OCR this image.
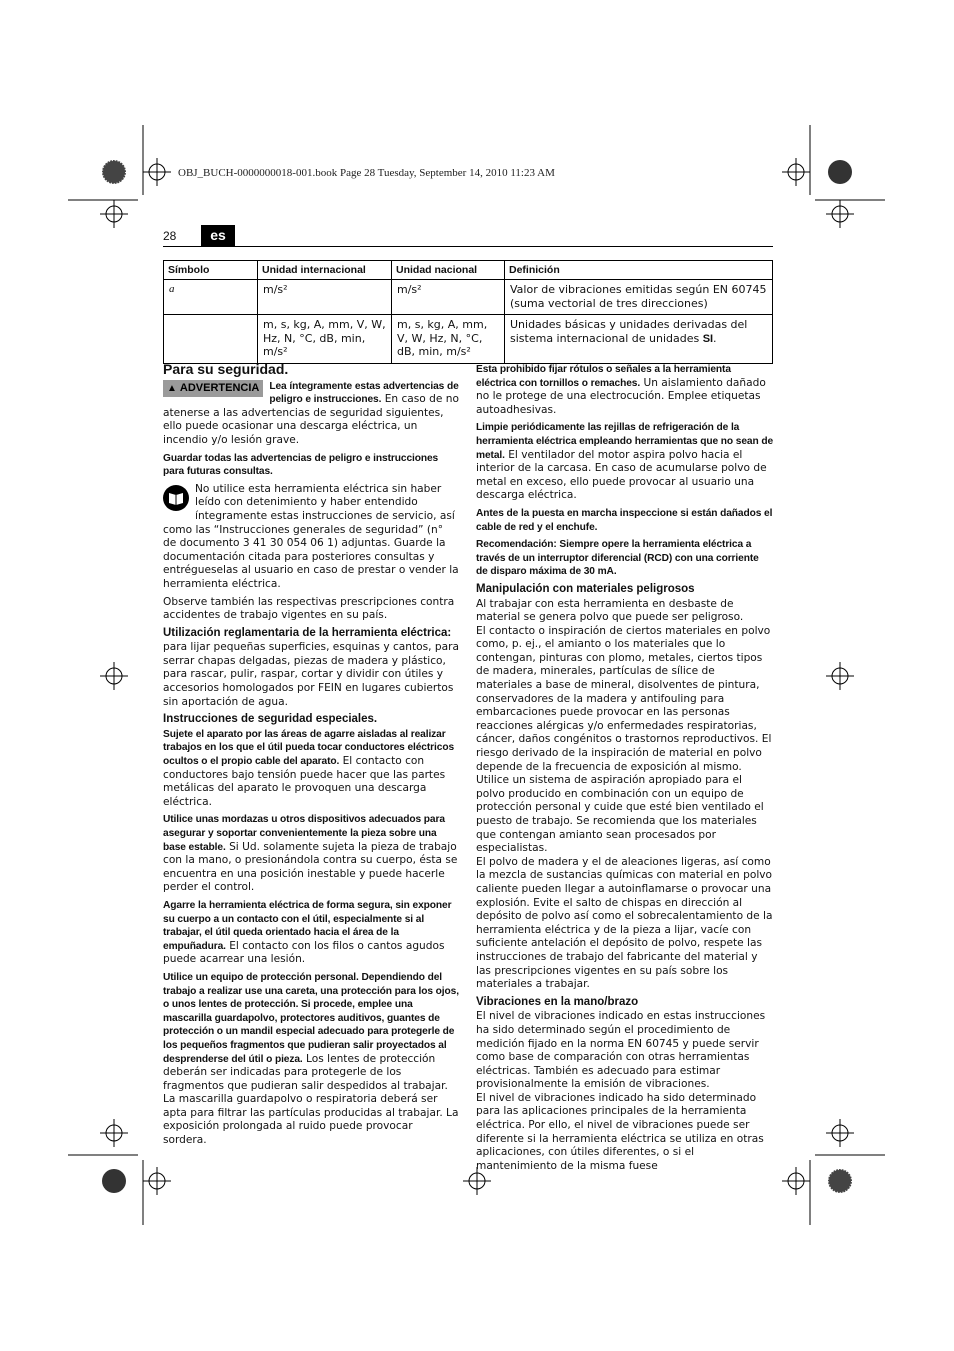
OBJ_BUCH-0000000018-001.book Page 28 Tuesday, September 14, 2010 11:23 AM
28	es
Símbolo	Unidad internacional	Unidad nacional	Definición
a	m/s²	m/s²	Valor de vibraciones emitidas según EN 60745 (suma vectorial de tres direcciones)
	m, s, kg, A, mm, V, W, Hz, N, °C, dB, min, m/s²	m, s, kg, A, mm, V, W, Hz, N, °C, dB, min, m/s²	Unidades básicas y unidades derivadas del sistema internacional de unidades SI.
Para su seguridad.

▲ ADVERTENCIA Lea íntegramente estas advertencias de peligro e instrucciones. En caso de no atenerse a las advertencias de seguridad siguientes, ello puede ocasionar una descarga eléctrica, un incendio y/o lesión grave.

Guardar todas las advertencias de peligro e instrucciones para futuras consultas.

No utilice esta herramienta eléctrica sin haber leído con detenimiento y haber entendido íntegramente estas instrucciones de servicio, así como las “Instrucciones generales de seguridad” (n° de documento 3 41 30 054 06 1) adjuntas. Guarde la documentación citada para posteriores consultas y entrégueselas al usuario en caso de prestar o vender la herramienta eléctrica.

Observe también las respectivas prescripciones contra accidentes de trabajo vigentes en su país.

Utilización reglamentaria de la herramienta eléctrica:

para lijar pequeñas superficies, esquinas y cantos, para serrar chapas delgadas, piezas de madera y plástico, para rascar, pulir, raspar, cortar y dividir con útiles y accesorios homologados por FEIN en lugares cubiertos sin aportación de agua.

Instrucciones de seguridad especiales.

Sujete el aparato por las áreas de agarre aisladas al realizar trabajos en los que el útil pueda tocar conductores eléctricos ocultos o el propio cable del aparato. El contacto con conductores bajo tensión puede hacer que las partes metálicas del aparato le provoquen una descarga eléctrica.

Utilice unas mordazas u otros dispositivos adecuados para asegurar y soportar convenientemente la pieza sobre una base estable. Si Ud. solamente sujeta la pieza de trabajo con la mano, o presionándola contra su cuerpo, ésta se encuentra en una posición inestable y puede hacerle perder el control.

Agarre la herramienta eléctrica de forma segura, sin exponer su cuerpo a un contacto con el útil, especialmente si al trabajar, el útil queda orientado hacia el área de la empuñadura. El contacto con los filos o cantos agudos puede acarrear una lesión.

Utilice un equipo de protección personal. Dependiendo del trabajo a realizar use una careta, una protección para los ojos, o unos lentes de protección. Si procede, emplee una mascarilla guardapolvo, protectores auditivos, guantes de protección o un mandil especial adecuado para protegerle de los pequeños fragmentos que pudieran salir proyectados al desprenderse del útil o pieza. Los lentes de protección deberán ser indicadas para protegerle de los fragmentos que pudieran salir despedidos al trabajar. La mascarilla guardapolvo o respiratoria deberá ser apta para filtrar las partículas producidas al trabajar. La exposición prolongada al ruido puede provocar sordera.

Esta prohibido fijar rótulos o señales a la herramienta eléctrica con tornillos o remaches. Un aislamiento dañado no le protege de una electrocución. Emplee etiquetas autoadhesivas.

Limpie periódicamente las rejillas de refrigeración de la herramienta eléctrica empleando herramientas que no sean de metal. El ventilador del motor aspira polvo hacia el interior de la carcasa. En caso de acumularse polvo de metal en exceso, ello puede provocar al usuario una descarga eléctrica.

Antes de la puesta en marcha inspeccione si están dañados el cable de red y el enchufe.

Recomendación: Siempre opere la herramienta eléctrica a través de un interruptor diferencial (RCD) con una corriente de disparo máxima de 30 mA.

Manipulación con materiales peligrosos

Al trabajar con esta herramienta en desbaste de material se genera polvo que puede ser peligroso.

El contacto o inspiración de ciertos materiales en polvo como, p. ej., el amianto o los materiales que lo contengan, pinturas con plomo, metales, ciertos tipos de madera, minerales, partículas de sílice de materiales a base de mineral, disolventes de pintura, conservadores de la madera y antifouling para embarcaciones puede provocar en las personas reacciones alérgicas y/o enfermedades respiratorias, cáncer, daños congénitos o trastornos reproductivos. El riesgo derivado de la inspiración de material en polvo depende de la frecuencia de exposición al mismo. Utilice un sistema de aspiración apropiado para el polvo producido en combinación con un equipo de protección personal y cuide que esté bien ventilado el puesto de trabajo. Se recomienda que los materiales que contengan amianto sean procesados por especialistas.

El polvo de madera y el de aleaciones ligeras, así como la mezcla de sustancias químicas con material en polvo caliente pueden llegar a autoinflamarse o provocar una explosión. Evite el salto de chispas en dirección al depósito de polvo así como el sobrecalentamiento de la herramienta eléctrica y de la pieza a lijar, vacíe con suficiente antelación el depósito de polvo, respete las instrucciones de trabajo del fabricante del material y las prescripciones vigentes en su país sobre los materiales a trabajar.

Vibraciones en la mano/brazo

El nivel de vibraciones indicado en estas instrucciones ha sido determinado según el procedimiento de medición fijado en la norma EN 60745 y puede servir como base de comparación con otras herramientas eléctricas. También es adecuado para estimar provisionalmente la emisión de vibraciones.

El nivel de vibraciones indicado ha sido determinado para las aplicaciones principales de la herramienta eléctrica. Por ello, el nivel de vibraciones puede ser diferente si la herramienta eléctrica se utiliza en otras aplicaciones, con útiles diferentes, o si el mantenimiento de la misma fuese
